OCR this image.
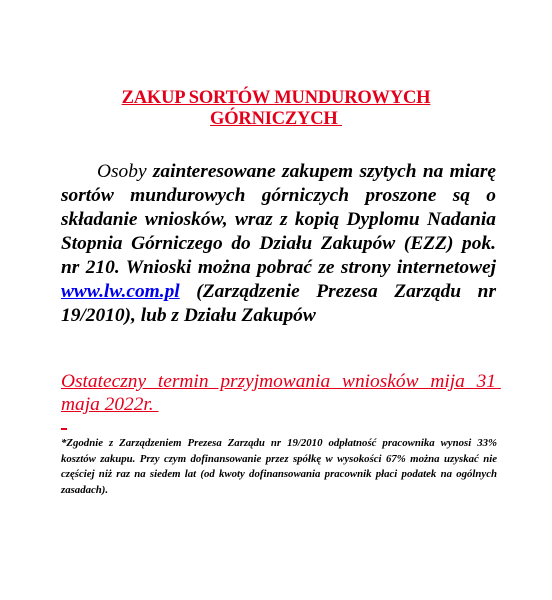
ZAKUP SORTÓW MUNDUROWYCH
GÓRNICZYCH
Osoby zainteresowane zakupem szytych na miarę sortów mundurowych górniczych proszone są o składanie wniosków, wraz z kopią Dyplomu Nadania Stopnia Górniczego do Działu Zakupów (EZZ) pok. nr 210. Wnioski można pobrać ze strony internetowej www.lw.com.pl (Zarządzenie Prezesa Zarządu nr 19/2010), lub z Działu Zakupów
Ostateczny termin przyjmowania wniosków mija 31 maja 2022r.
*Zgodnie z Zarządzeniem Prezesa Zarządu nr 19/2010 odpłatność pracownika wynosi 33% kosztów zakupu. Przy czym dofinansowanie przez spółkę w wysokości 67% można uzyskać nie częściej niż raz na siedem lat (od kwoty dofinansowania pracownik płaci podatek na ogólnych zasadach).
